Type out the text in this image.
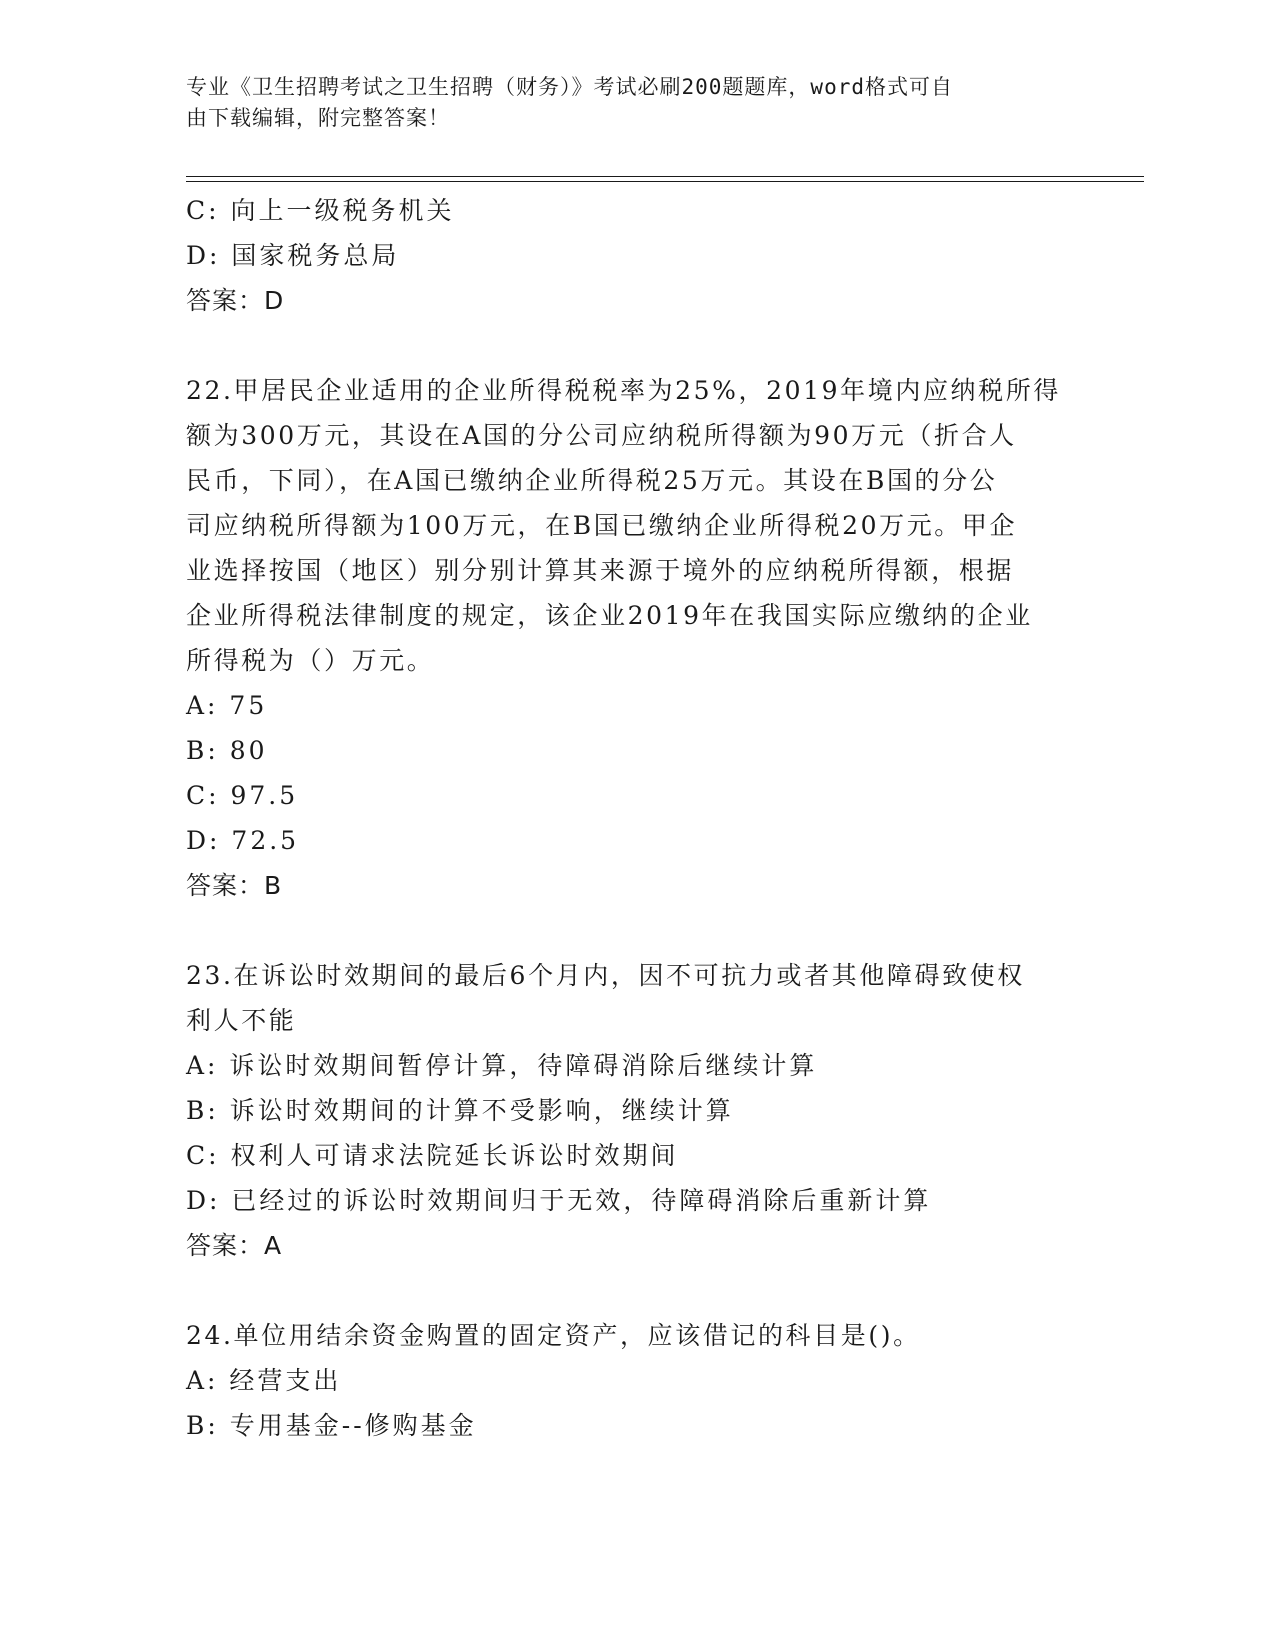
专业《卫生招聘考试之卫生招聘（财务）》考试必刷200题题库，word格式可自
由下载编辑，附完整答案！
C: 向上一级税务机关
D: 国家税务总局
答案：D
22.甲居民企业适用的企业所得税税率为25%，2019年境内应纳税所得
额为300万元，其设在A国的分公司应纳税所得额为90万元（折合人
民币，下同），在A国已缴纳企业所得税25万元。其设在B国的分公
司应纳税所得额为100万元，在B国已缴纳企业所得税20万元。甲企
业选择按国（地区）别分别计算其来源于境外的应纳税所得额，根据
企业所得税法律制度的规定，该企业2019年在我国实际应缴纳的企业
所得税为（）万元。
A: 75
B: 80
C: 97.5
D: 72.5
答案：B
23.在诉讼时效期间的最后6个月内，因不可抗力或者其他障碍致使权
利人不能
A: 诉讼时效期间暂停计算，待障碍消除后继续计算
B: 诉讼时效期间的计算不受影响，继续计算
C: 权利人可请求法院延长诉讼时效期间
D: 已经过的诉讼时效期间归于无效，待障碍消除后重新计算
答案：A
24.单位用结余资金购置的固定资产，应该借记的科目是()。
A: 经营支出
B: 专用基金--修购基金
